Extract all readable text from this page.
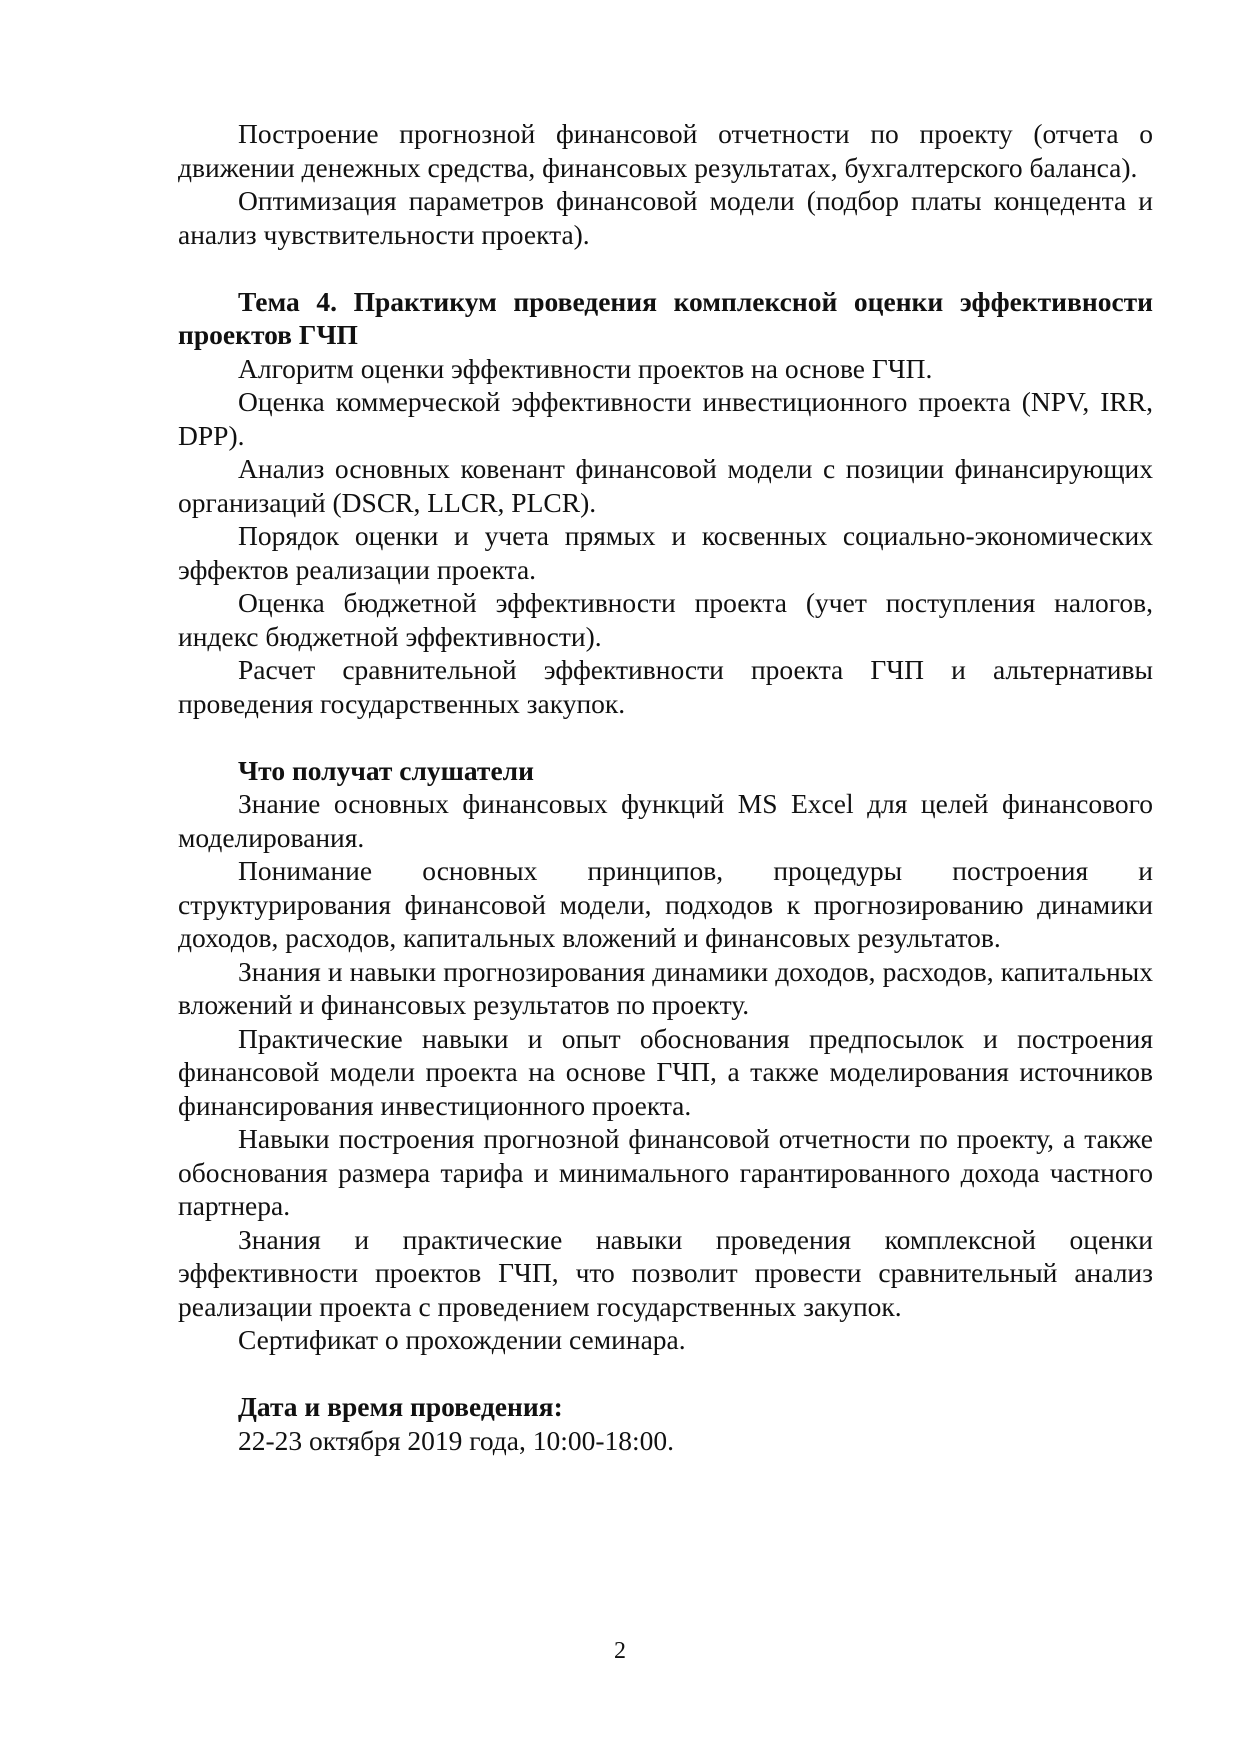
Построение прогнозной финансовой отчетности по проекту (отчета о движении денежных средства, финансовых результатах, бухгалтерского баланса).

Оптимизация параметров финансовой модели (подбор платы концедента и анализ чувствительности проекта).

Тема 4. Практикум проведения комплексной оценки эффективности проектов ГЧП

Алгоритм оценки эффективности проектов на основе ГЧП.

Оценка коммерческой эффективности инвестиционного проекта (NPV, IRR, DPP).

Анализ основных ковенант финансовой модели с позиции финансирующих организаций (DSCR, LLCR, PLCR).

Порядок оценки и учета прямых и косвенных социально-экономических эффектов реализации проекта.

Оценка бюджетной эффективности проекта (учет поступления налогов, индекс бюджетной эффективности).

Расчет сравнительной эффективности проекта ГЧП и альтернативы проведения государственных закупок.

Что получат слушатели

Знание основных финансовых функций MS Excel для целей финансового моделирования.

Понимание основных принципов, процедуры построения и структурирования финансовой модели, подходов к прогнозированию динамики доходов, расходов, капитальных вложений и финансовых результатов.

Знания и навыки прогнозирования динамики доходов, расходов, капитальных вложений и финансовых результатов по проекту.

Практические навыки и опыт обоснования предпосылок и построения финансовой модели проекта на основе ГЧП, а также моделирования источников финансирования инвестиционного проекта.

Навыки построения прогнозной финансовой отчетности по проекту, а также обоснования размера тарифа и минимального гарантированного дохода частного партнера.

Знания и практические навыки проведения комплексной оценки эффективности проектов ГЧП, что позволит провести сравнительный анализ реализации проекта с проведением государственных закупок.

Сертификат о прохождении семинара.

Дата и время проведения:

22-23 октября 2019 года, 10:00-18:00.

2
